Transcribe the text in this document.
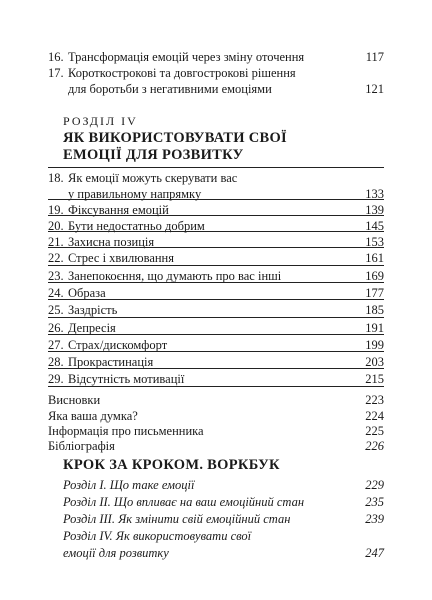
16. Трансформація емоцій через зміну оточення	117
17. Короткострокові та довгострокові рішення
для боротьби з негативними емоціями	121
РОЗДІЛ IV
ЯК ВИКОРИСТОВУВАТИ СВОЇ
ЕМОЦІЇ ДЛЯ РОЗВИТКУ
18. Як емоції можуть скерувати вас
у правильному напрямку	133
19. Фіксування емоцій	139
20. Бути недостатньо добрим	145
21. Захисна позиція	153
22. Стрес і хвилювання	161
23. Занепокоєння, що думають про вас інші	169
24. Образа	177
25. Заздрість	185
26. Депресія	191
27. Страх/дискомфорт	199
28. Прокрастинація	203
29. Відсутність мотивації	215
Висновки	223
Яка ваша думка?	224
Інформація про письменника	225
Бібліографія	226
КРОК ЗА КРОКОМ. ВОРКБУК
Розділ I. Що таке емоції	229
Розділ II. Що впливає на ваш емоційний стан	235
Розділ III. Як змінити свій емоційний стан	239
Розділ IV. Як використовувати свої
емоції для розвитку	247
